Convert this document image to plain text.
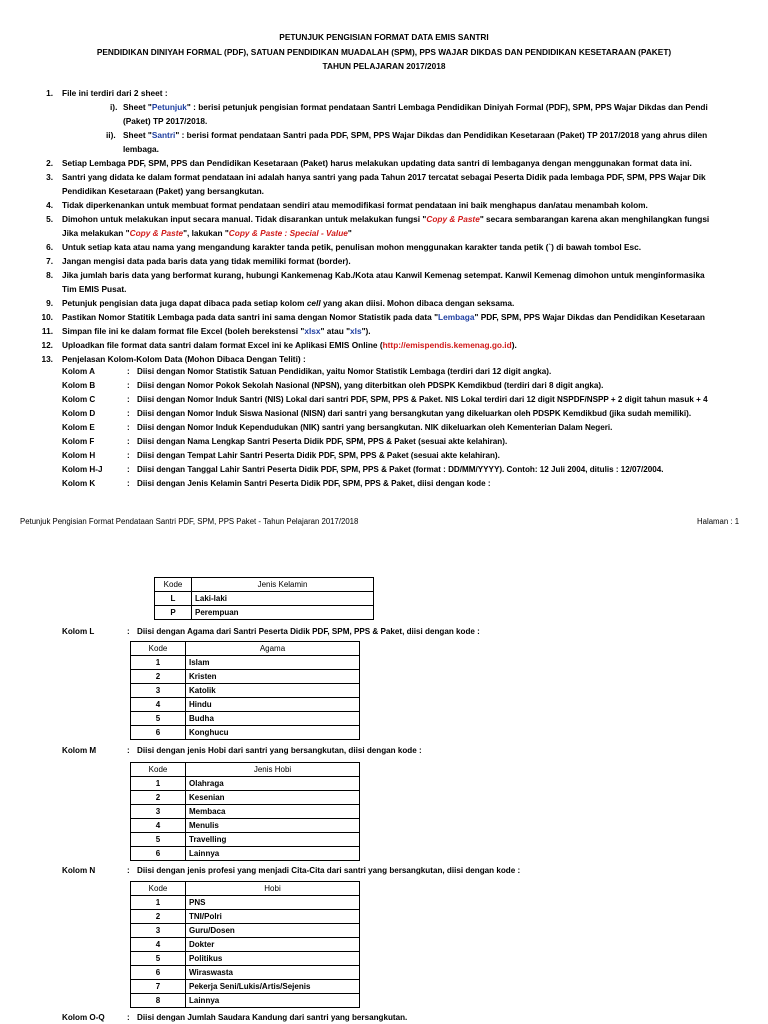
PETUNJUK PENGISIAN FORMAT DATA EMIS SANTRI
PENDIDIKAN DINIYAH FORMAL (PDF), SATUAN PENDIDIKAN MUADALAH (SPM), PPS WAJAR DIKDAS DAN PENDIDIKAN KESETARAAN (PAKET)
TAHUN PELAJARAN 2017/2018
1. File ini terdiri dari 2 sheet :
i). Sheet "Petunjuk" : berisi petunjuk pengisian format pendataan Santri Lembaga Pendidikan Diniyah Formal (PDF), SPM, PPS Wajar Dikdas dan Pendi
(Paket) TP 2017/2018.
ii). Sheet "Santri" : berisi format pendataan Santri pada PDF, SPM, PPS Wajar Dikdas dan Pendidikan Kesetaraan (Paket) TP 2017/2018 yang ahrus dilen
lembaga.
2. Setiap Lembaga PDF, SPM, PPS dan Pendidikan Kesetaraan (Paket) harus melakukan updating data santri di lembaganya dengan menggunakan format data ini.
3. Santri yang didata ke dalam format pendataan ini adalah hanya santri yang pada Tahun 2017 tercatat sebagai Peserta Didik pada lembaga PDF, SPM, PPS Wajar Dik
Pendidikan Kesetaraan (Paket) yang bersangkutan.
4. Tidak diperkenankan untuk membuat format pendataan sendiri atau memodifikasi format pendataan ini baik menghapus dan/atau menambah kolom.
5. Dimohon untuk melakukan input secara manual. Tidak disarankan untuk melakukan fungsi "Copy & Paste" secara sembarangan karena akan menghilangkan fungsi
Jika melakukan "Copy & Paste", lakukan "Copy & Paste : Special - Value"
6. Untuk setiap kata atau nama yang mengandung karakter tanda petik, penulisan mohon menggunakan karakter tanda petik (`) di bawah tombol Esc.
7. Jangan mengisi data pada baris data yang tidak memiliki format (border).
8. Jika jumlah baris data yang berformat kurang, hubungi Kankemenag Kab./Kota atau Kanwil Kemenag setempat. Kanwil Kemenag dimohon untuk menginformasika
Tim EMIS Pusat.
9. Petunjuk pengisian data juga dapat dibaca pada setiap kolom cell yang akan diisi. Mohon dibaca dengan seksama.
10. Pastikan Nomor Statitik Lembaga pada data santri ini sama dengan Nomor Statistik pada data "Lembaga" PDF, SPM, PPS Wajar Dikdas dan Pendidikan Kesetaraan
11. Simpan file ini ke dalam format file Excel (boleh berekstensi "xlsx" atau "xls").
12. Uploadkan file format data santri dalam format Excel ini ke Aplikasi EMIS Online (http://emispendis.kemenag.go.id).
13. Penjelasan Kolom-Kolom Data (Mohon Dibaca Dengan Teliti) :
Kolom A	: Diisi dengan Nomor Statistik Satuan Pendidikan, yaitu Nomor Statistik Lembaga (terdiri dari 12 digit angka).
Kolom B	: Diisi dengan Nomor Pokok Sekolah Nasional (NPSN), yang diterbitkan oleh PDSPK Kemdikbud (terdiri dari 8 digit angka).
Kolom C	: Diisi dengan Nomor Induk Santri (NIS) Lokal dari santri PDF, SPM, PPS & Paket. NIS Lokal terdiri dari 12 digit NSPDF/NSPP + 2 digit tahun masuk + 4
Kolom D	: Diisi dengan Nomor Induk Siswa Nasional (NISN) dari santri yang bersangkutan yang dikeluarkan oleh PDSPK Kemdikbud (jika sudah memiliki).
Kolom E	: Diisi dengan Nomor Induk Kependudukan (NIK) santri yang bersangkutan. NIK dikeluarkan oleh Kementerian Dalam Negeri.
Kolom F	: Diisi dengan Nama Lengkap Santri Peserta Didik PDF, SPM, PPS & Paket (sesuai akte kelahiran).
Kolom H	: Diisi dengan Tempat Lahir Santri Peserta Didik PDF, SPM, PPS & Paket (sesuai akte kelahiran).
Kolom H-J	: Diisi dengan Tanggal Lahir Santri Peserta Didik PDF, SPM, PPS & Paket (format : DD/MM/YYYY). Contoh: 12 Juli 2004, ditulis : 12/07/2004.
Kolom K	: Diisi dengan Jenis Kelamin Santri Peserta Didik PDF, SPM, PPS & Paket, diisi dengan kode :
Petunjuk Pengisian Format Pendataan Santri PDF, SPM, PPS Paket - Tahun Pelajaran 2017/2018	Halaman : 1
Kode	Jenis Kelamin
L	Laki-laki
P	Perempuan
Kolom L	: Diisi dengan Agama dari Santri Peserta Didik PDF, SPM, PPS & Paket, diisi dengan kode :
Kode	Agama
1	Islam
2	Kristen
3	Katolik
4	Hindu
5	Budha
6	Konghucu
Kolom M	: Diisi dengan jenis Hobi dari santri yang bersangkutan, diisi dengan kode :
Kode	Jenis Hobi
1	Olahraga
2	Kesenian
3	Membaca
4	Menulis
5	Travelling
6	Lainnya
Kolom N	: Diisi dengan jenis profesi yang menjadi Cita-Cita dari santri yang bersangkutan, diisi dengan kode :
Kode	Hobi
1	PNS
2	TNI/Polri
3	Guru/Dosen
4	Dokter
5	Politikus
6	Wiraswasta
7	Pekerja Seni/Lukis/Artis/Sejenis
8	Lainnya
Kolom O-Q	: Diisi dengan Jumlah Saudara Kandung dari santri yang bersangkutan.
